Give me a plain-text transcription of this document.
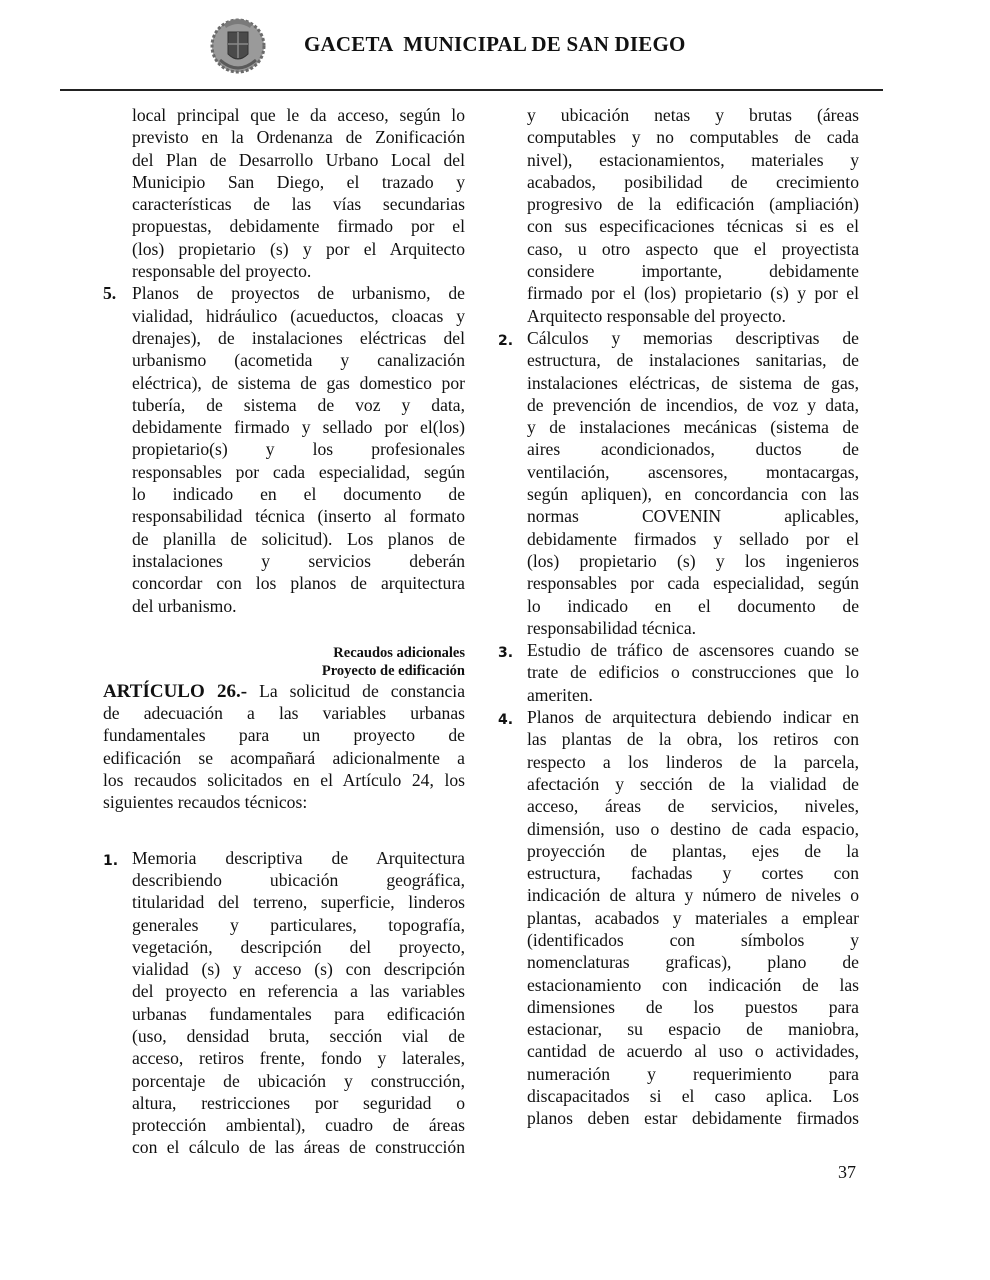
GACETA  MUNICIPAL DE SAN DIEGO
local principal que le da acceso, según lo
previsto en la Ordenanza de Zonificación
del Plan de Desarrollo Urbano Local del
Municipio San Diego, el trazado y
características de las vías secundarias
propuestas, debidamente firmado por el
(los) propietario (s) y por el Arquitecto
responsable del proyecto.
5. Planos de proyectos de urbanismo, de
vialidad, hidráulico (acueductos, cloacas y
drenajes), de instalaciones eléctricas del
urbanismo (acometida y canalización
eléctrica), de sistema de gas domestico por
tubería, de sistema de voz y data,
debidamente firmado y sellado por el(los)
propietario(s) y los profesionales
responsables por cada especialidad, según
lo indicado en el documento de
responsabilidad técnica (inserto al formato
de planilla de solicitud). Los planos de
instalaciones y servicios deberán
concordar con los planos de arquitectura
del urbanismo.
Recaudos adicionales
Proyecto de edificación
ARTÍCULO 26.- La solicitud de constancia
de adecuación a las variables urbanas
fundamentales para un proyecto de
edificación se acompañará adicionalmente a
los recaudos solicitados en el Artículo 24, los
siguientes recaudos técnicos:
1. Memoria descriptiva de Arquitectura
describiendo ubicación geográfica,
titularidad del terreno, superficie, linderos
generales y particulares, topografía,
vegetación, descripción del proyecto,
vialidad (s) y acceso (s) con descripción
del proyecto en referencia a las variables
urbanas fundamentales para edificación
(uso, densidad bruta, sección vial de
acceso, retiros frente, fondo y laterales,
porcentaje de ubicación y construcción,
altura, restricciones por seguridad o
protección ambiental), cuadro de áreas
con el cálculo de las áreas de construcción
y ubicación netas y brutas (áreas
computables y no computables de cada
nivel), estacionamientos, materiales y
acabados, posibilidad de crecimiento
progresivo de la edificación (ampliación)
con sus especificaciones técnicas si es el
caso, u otro aspecto que el proyectista
considere importante, debidamente
firmado por el (los) propietario (s) y por el
Arquitecto responsable del proyecto.
2. Cálculos y memorias descriptivas de
estructura, de instalaciones sanitarias, de
instalaciones eléctricas, de sistema de gas,
de prevención de incendios, de voz y data,
y de instalaciones mecánicas (sistema de
aires acondicionados, ductos de
ventilación, ascensores, montacargas,
según apliquen), en concordancia con las
normas COVENIN aplicables,
debidamente firmados y sellado por el
(los) propietario (s) y los ingenieros
responsables por cada especialidad, según
lo indicado en el documento de
responsabilidad técnica.
3. Estudio de tráfico de ascensores cuando se
trate de edificios o construcciones que lo
ameriten.
4. Planos de arquitectura debiendo indicar en
las plantas de la obra, los retiros con
respecto a los linderos de la parcela,
afectación y sección de la vialidad de
acceso, áreas de servicios, niveles,
dimensión, uso o destino de cada espacio,
proyección de plantas, ejes de la
estructura, fachadas y cortes con
indicación de altura y número de niveles o
plantas, acabados y materiales a emplear
(identificados con símbolos y
nomenclaturas graficas), plano de
estacionamiento con indicación de las
dimensiones de los puestos para
estacionar, su espacio de maniobra,
cantidad de acuerdo al uso o actividades,
numeración y requerimiento para
discapacitados si el caso aplica. Los
planos deben estar debidamente firmados
37
